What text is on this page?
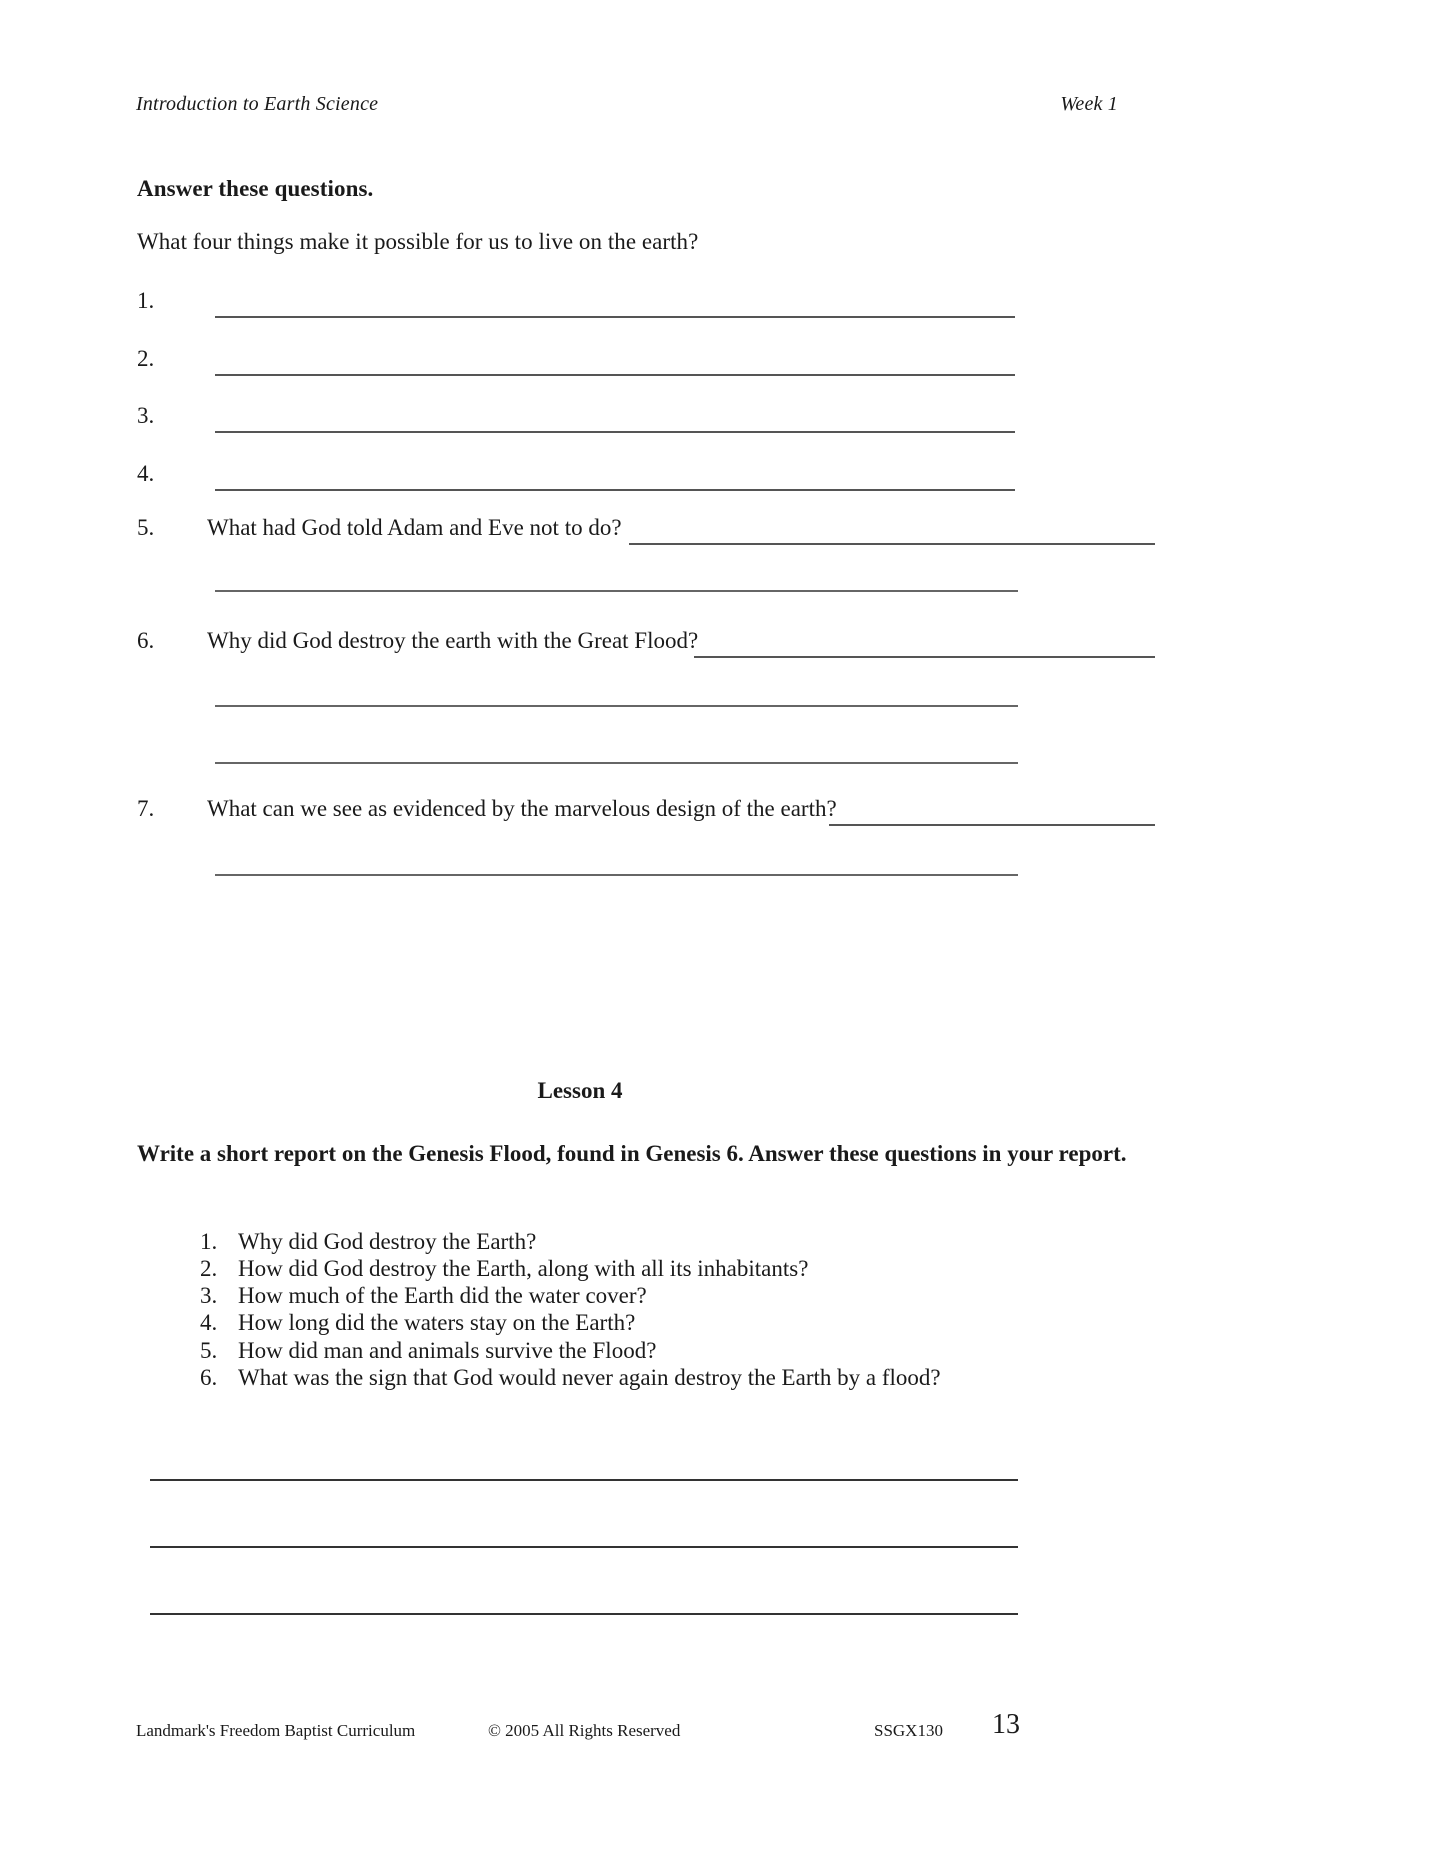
Introduction to Earth Science	Week 1
Answer these questions.
What four things make it possible for us to live on the earth?
1.
2.
3.
4.
5. What had God told Adam and Eve not to do?
6. Why did God destroy the earth with the Great Flood?
7. What can we see as evidenced by the marvelous design of the earth?
Lesson 4
Write a short report on the Genesis Flood, found in Genesis 6. Answer these questions in your report.
1. Why did God destroy the Earth?
2. How did God destroy the Earth, along with all its inhabitants?
3. How much of the Earth did the water cover?
4. How long did the waters stay on the Earth?
5. How did man and animals survive the Flood?
6. What was the sign that God would never again destroy the Earth by a flood?
Landmark's Freedom Baptist Curriculum	© 2005 All Rights Reserved	SSGX130 13
